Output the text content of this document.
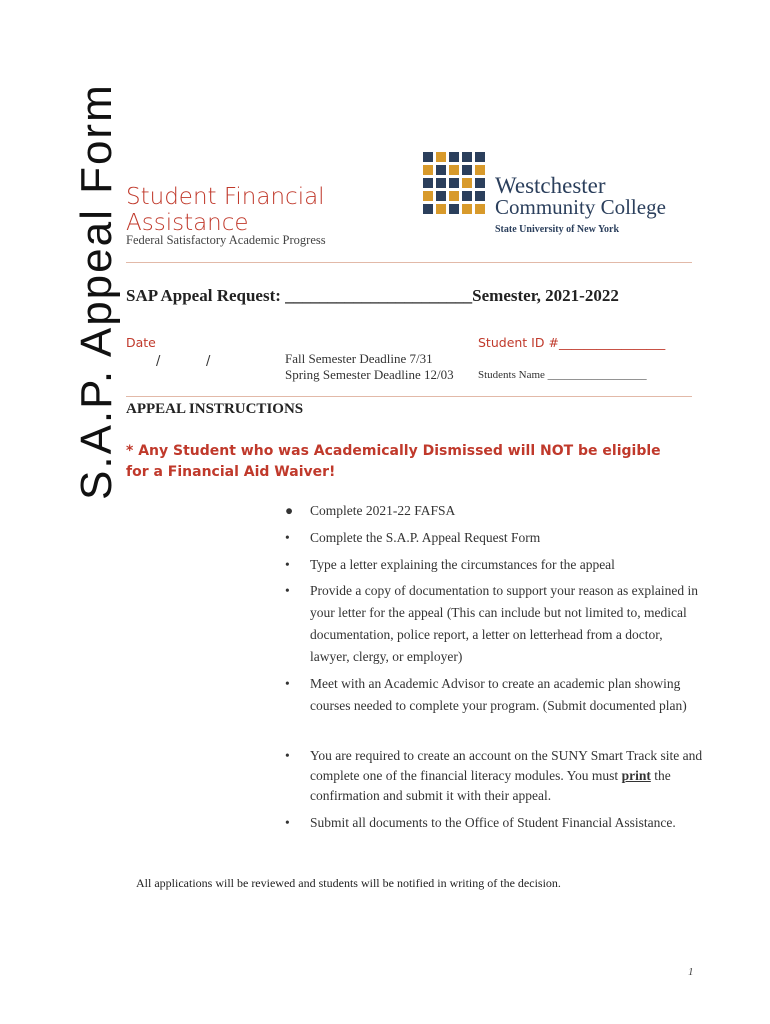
S.A.P. Appeal Form Student Financial
Assistance
Federal Satisfactory Academic Progress
Westchester
Community College
State University of New York
SAP Appeal Request: ______________________Semester, 2021-2022
Date
/	/	Fall Semester Deadline 7/31
Spring Semester Deadline 12/03
Student ID #_________________
Students Name __________________
APPEAL INSTRUCTIONS
* Any Student who was Academically Dismissed will NOT be eligible for a Financial Aid Waiver!
●	Complete 2021-22 FAFSA
•	Complete the S.A.P. Appeal Request Form
•	Type a letter explaining the circumstances for the appeal
•	Provide a copy of documentation to support your reason as explained in your letter for the appeal (This can include but not limited to, medical documentation, police report, a letter on letterhead from a doctor, lawyer, clergy, or employer)
•	Meet with an Academic Advisor to create an academic plan showing courses needed to complete your program. (Submit documented plan)
•	You are required to create an account on the SUNY Smart Track site and complete one of the financial literacy modules. You must print the confirmation and submit it with their appeal.
•	Submit all documents to the Office of Student Financial Assistance.
All applications will be reviewed and students will be notified in writing of the decision.
1
